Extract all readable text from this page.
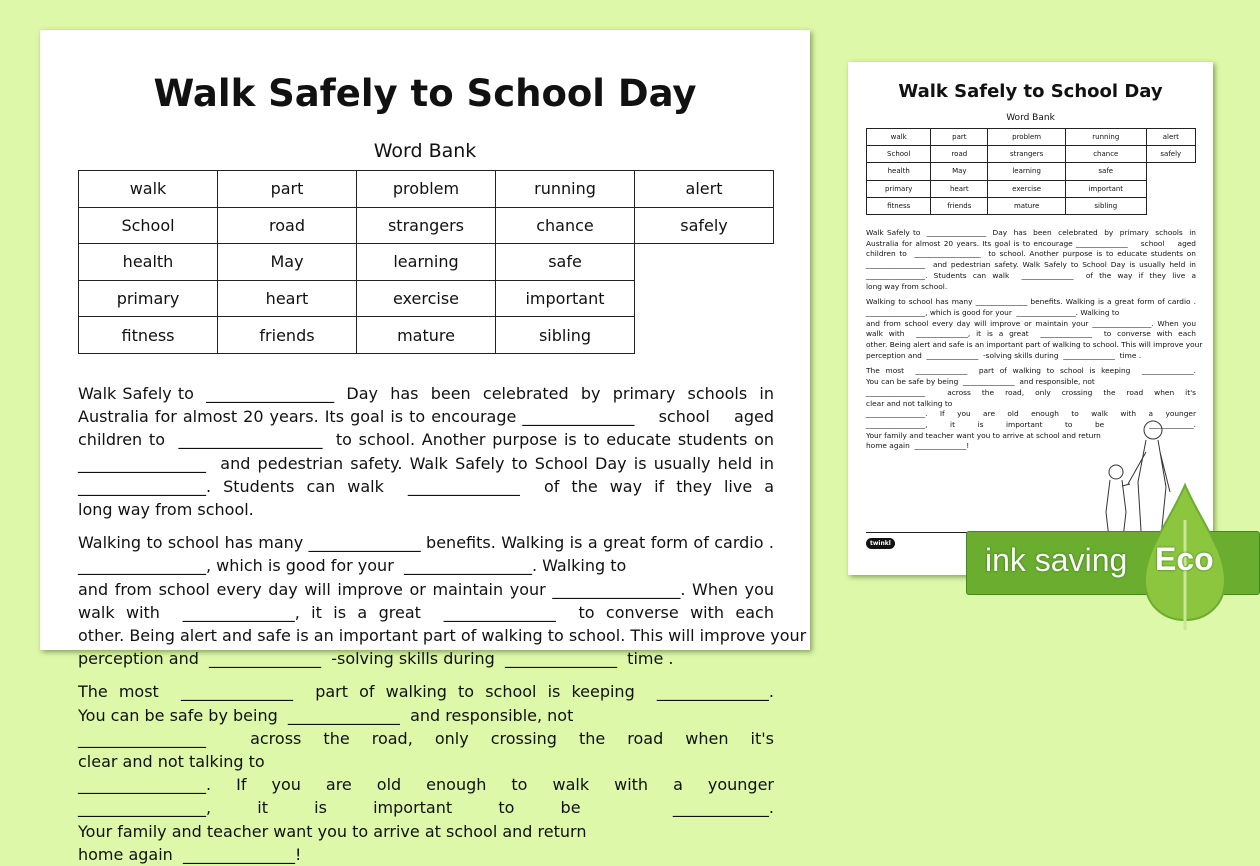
Walk Safely to School Day
Word Bank
walk	part	problem	running	alert
School	road	strangers	chance	safely
health	May	learning	safe	
primary	heart	exercise	important	
fitness	friends	mature	sibling	
Walk Safely to  ________________  Day  has  been  celebrated  by  primary  schools  in
Australia for almost 20 years. Its goal is to encourage ______________    school    aged
children to  __________________  to school. Another purpose is to educate students on
________________  and pedestrian safety. Walk Safely to School Day is usually held in
________________. Students can walk  ______________  of the way if they live a
long way from school.
Walking to school has many ______________ benefits. Walking is a great form of cardio .
________________, which is good for your  ________________. Walking to
and from school every day will improve or maintain your ________________. When you
walk with  ______________, it is a great  ______________  to converse with each
other. Being alert and safe is an important part of walking to school. This will improve your
perception and  ______________  -solving skills during  ______________  time .
The most  ______________  part of walking to school is keeping  ______________.
You can be safe by being  ______________  and responsible, not
________________  across the road, only crossing the road when it's
clear and not talking to
________________. If you are old enough to walk with a younger
________________, it is important to be  ____________.
Your family and teacher want you to arrive at school and return
home again  ______________!
Walk Safely to School Day
Word Bank
walk	part	problem	running	alert
School	road	strangers	chance	safely
health	May	learning	safe	
primary	heart	exercise	important	
fitness	friends	mature	sibling	
Walk Safely to  ________________  Day  has  been  celebrated  by  primary  schools  in
Australia for almost 20 years. Its goal is to encourage ______________    school    aged
children to  __________________  to school. Another purpose is to educate students on
________________  and pedestrian safety. Walk Safely to School Day is usually held in
________________. Students can walk  ______________  of the way if they live a
long way from school.
Walking to school has many ______________ benefits. Walking is a great form of cardio .
________________, which is good for your  ________________. Walking to
and from school every day will improve or maintain your ________________. When you
walk with  ______________, it is a great  ______________  to converse with each
other. Being alert and safe is an important part of walking to school. This will improve your
perception and  ______________  -solving skills during  ______________  time .
The most  ______________  part of walking to school is keeping  ______________.
You can be safe by being  ______________  and responsible, not
________________  across the road, only crossing the road when it's
clear and not talking to
________________. If you are old enough to walk with a younger
________________, it is important to be  ____________.
Your family and teacher want you to arrive at school and return
home again  ______________!
twinkl	ink saving Eco
